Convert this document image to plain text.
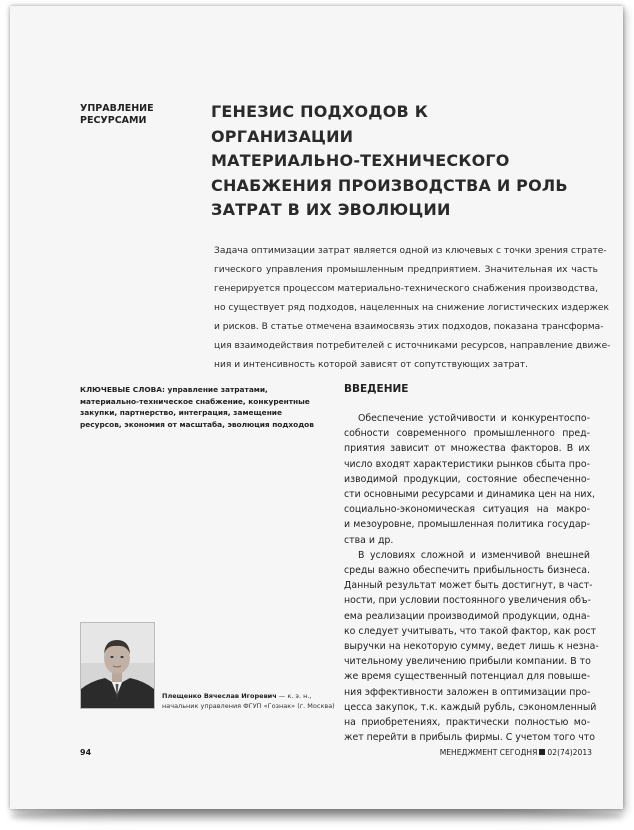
УПРАВЛЕНИЕ РЕСУРСАМИ	ГЕНЕЗИС ПОДХОДОВ К ОРГАНИЗАЦИИ
МАТЕРИАЛЬНО-ТЕХНИЧЕСКОГО
СНАБЖЕНИЯ ПРОИЗВОДСТВА И РОЛЬ
ЗАТРАТ В ИХ ЭВОЛЮЦИИ
Задача оптимизации затрат является одной из ключевых с точки зрения страте-
гического управления промышленным предприятием. Значительная их часть
генерируется процессом материально-технического снабжения производства,
но существует ряд подходов, нацеленных на снижение логистических издержек
и рисков. В статье отмечена взаимосвязь этих подходов, показана трансформа-
ция взаимодействия потребителей с источниками ресурсов, направление движе-
ния и интенсивность которой зависят от сопутствующих затрат.
КЛЮЧЕВЫЕ СЛОВА: управление затратами, материально-техническое снабжение, конкурентные закупки, партнерство, интеграция, замещение ресурсов, экономия от масштаба, эволюция подходов
Плещенко Вячеслав Игоревич — к. э. н., начальник управления ФГУП «Гознак» (г. Москва)
ВВЕДЕНИЕ
Обеспечение устойчивости и конкурентоспо-
собности современного промышленного пред-
приятия зависит от множества факторов. В их
число входят характеристики рынков сбыта про-
изводимой продукции, состояние обеспеченно-
сти основными ресурсами и динамика цен на них,
социально-экономическая ситуация на макро-
и мезоуровне, промышленная политика государ-
ства и др.
В условиях сложной и изменчивой внешней
среды важно обеспечить прибыльность бизнеса.
Данный результат может быть достигнут, в част-
ности, при условии постоянного увеличения объ-
ема реализации производимой продукции, одна-
ко следует учитывать, что такой фактор, как рост
выручки на некоторую сумму, ведет лишь к незна-
чительному увеличению прибыли компании. В то
же время существенный потенциал для повыше-
ния эффективности заложен в оптимизации про-
цесса закупок, т.к. каждый рубль, сэкономленный
на приобретениях, практически полностью мо-
жет перейти в прибыль фирмы. С учетом того что
94	МЕНЕДЖМЕНТ СЕГОДНЯ 02(74)2013
